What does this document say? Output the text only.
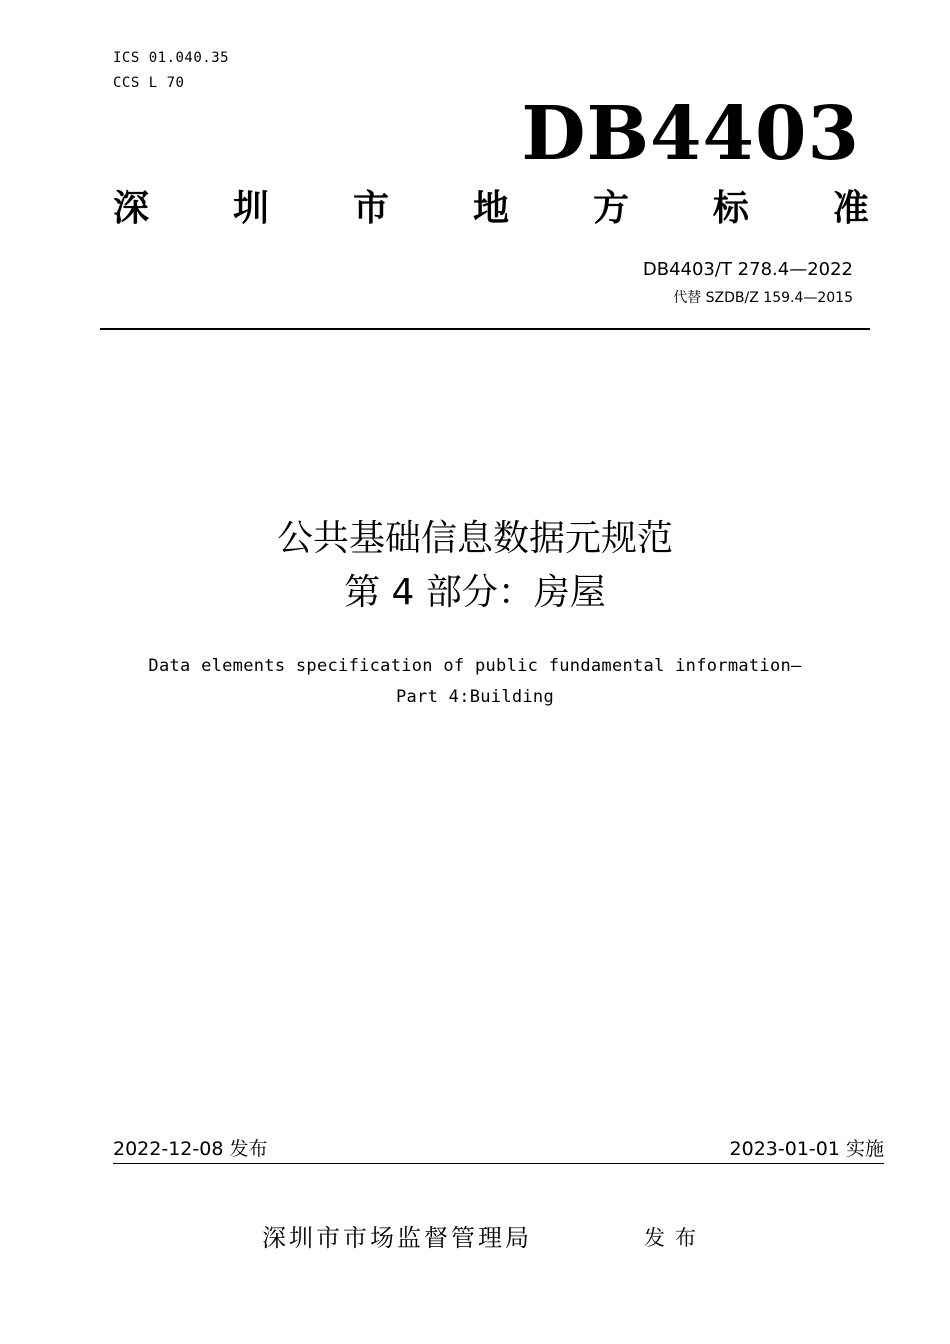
ICS 01.040.35
CCS L 70
DB4403
深 圳 市 地 方 标 准
DB4403/T 278.4—2022
代替 SZDB/Z 159.4—2015
公共基础信息数据元规范
第 4 部分：房屋
Data elements specification of public fundamental information—
Part 4:Building
2022-12-08 发布	2023-01-01 实施
深圳市市场监督管理局	发布
